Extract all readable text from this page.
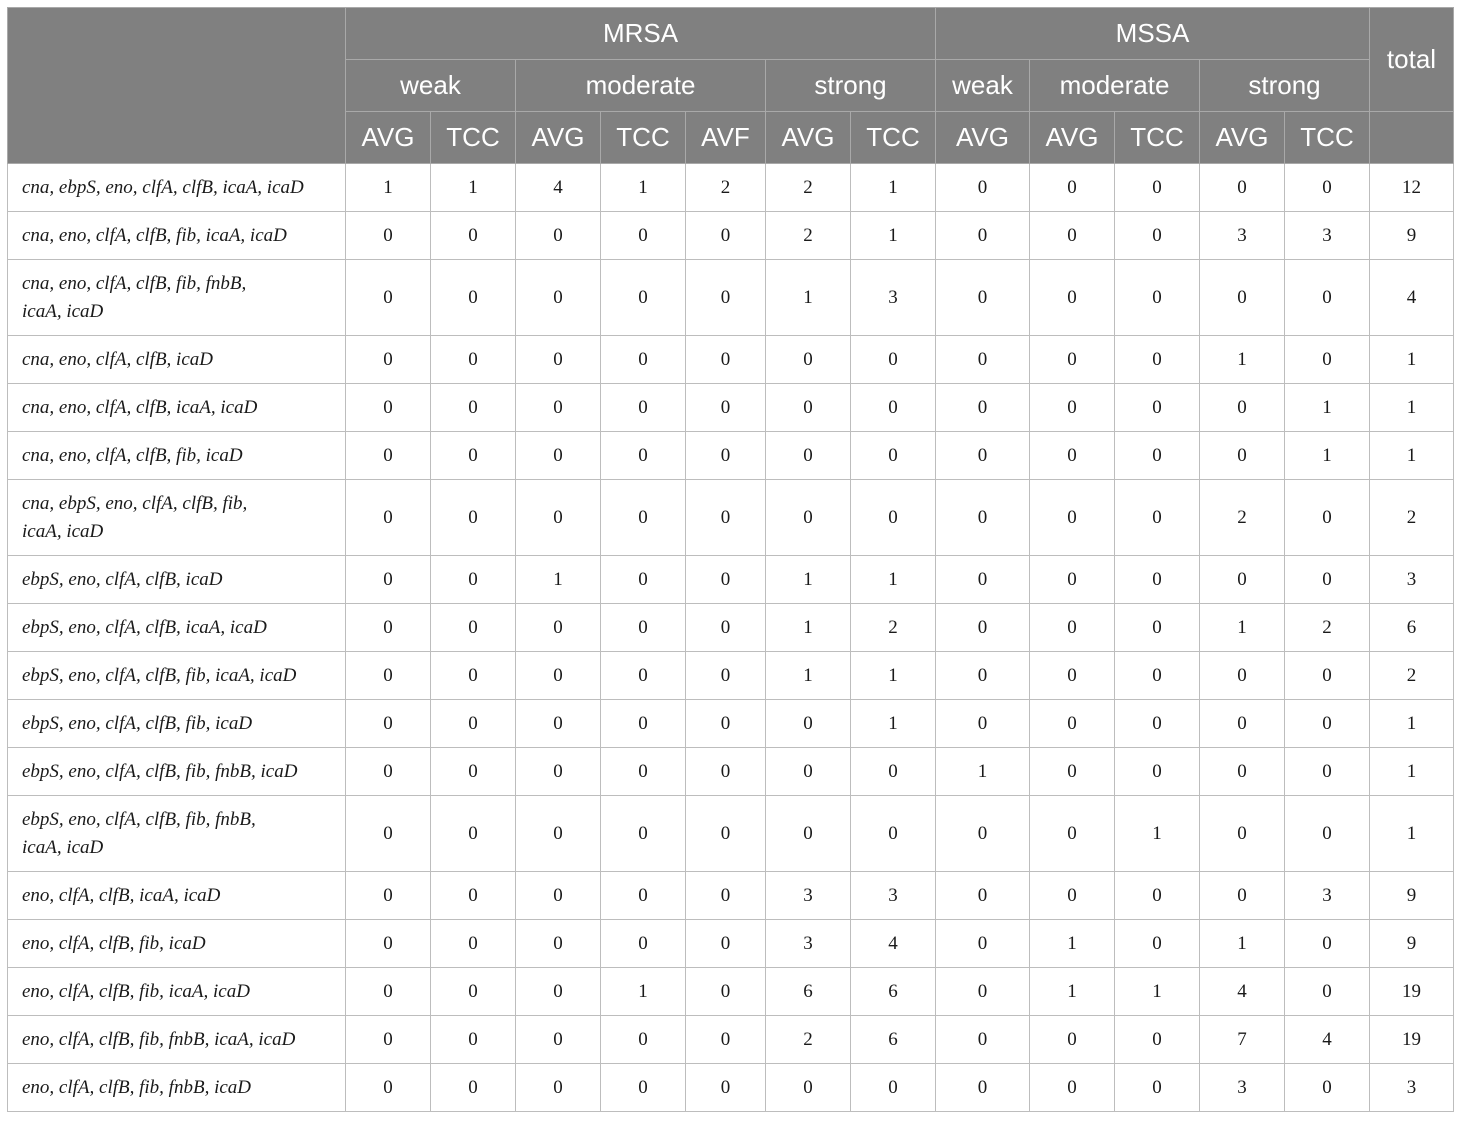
	MRSA							MSSA					total
	weak		moderate			strong		weak	moderate		strong		
	AVG	TCC	AVG	TCC	AVF	AVG	TCC	AVG	AVG	TCC	AVG	TCC	
cna, ebpS, eno, clfA, clfB, icaA, icaD	1	1	4	1	2	2	1	0	0	0	0	0	12
cna, eno, clfA, clfB, fib, icaA, icaD	0	0	0	0	0	2	1	0	0	0	3	3	9
cna, eno, clfA, clfB, fib, fnbB,
icaA, icaD	0	0	0	0	0	1	3	0	0	0	0	0	4
cna, eno, clfA, clfB, icaD	0	0	0	0	0	0	0	0	0	0	1	0	1
cna, eno, clfA, clfB, icaA, icaD	0	0	0	0	0	0	0	0	0	0	0	1	1
cna, eno, clfA, clfB, fib, icaD	0	0	0	0	0	0	0	0	0	0	0	1	1
cna, ebpS, eno, clfA, clfB, fib,
icaA, icaD	0	0	0	0	0	0	0	0	0	0	2	0	2
ebpS, eno, clfA, clfB, icaD	0	0	1	0	0	1	1	0	0	0	0	0	3
ebpS, eno, clfA, clfB, icaA, icaD	0	0	0	0	0	1	2	0	0	0	1	2	6
ebpS, eno, clfA, clfB, fib, icaA, icaD	0	0	0	0	0	1	1	0	0	0	0	0	2
ebpS, eno, clfA, clfB, fib, icaD	0	0	0	0	0	0	1	0	0	0	0	0	1
ebpS, eno, clfA, clfB, fib, fnbB, icaD	0	0	0	0	0	0	0	1	0	0	0	0	1
ebpS, eno, clfA, clfB, fib, fnbB,
icaA, icaD	0	0	0	0	0	0	0	0	0	1	0	0	1
eno, clfA, clfB, icaA, icaD	0	0	0	0	0	3	3	0	0	0	0	3	9
eno, clfA, clfB, fib, icaD	0	0	0	0	0	3	4	0	1	0	1	0	9
eno, clfA, clfB, fib, icaA, icaD	0	0	0	1	0	6	6	0	1	1	4	0	19
eno, clfA, clfB, fib, fnbB, icaA, icaD	0	0	0	0	0	2	6	0	0	0	7	4	19
eno, clfA, clfB, fib, fnbB, icaD	0	0	0	0	0	0	0	0	0	0	3	0	3
